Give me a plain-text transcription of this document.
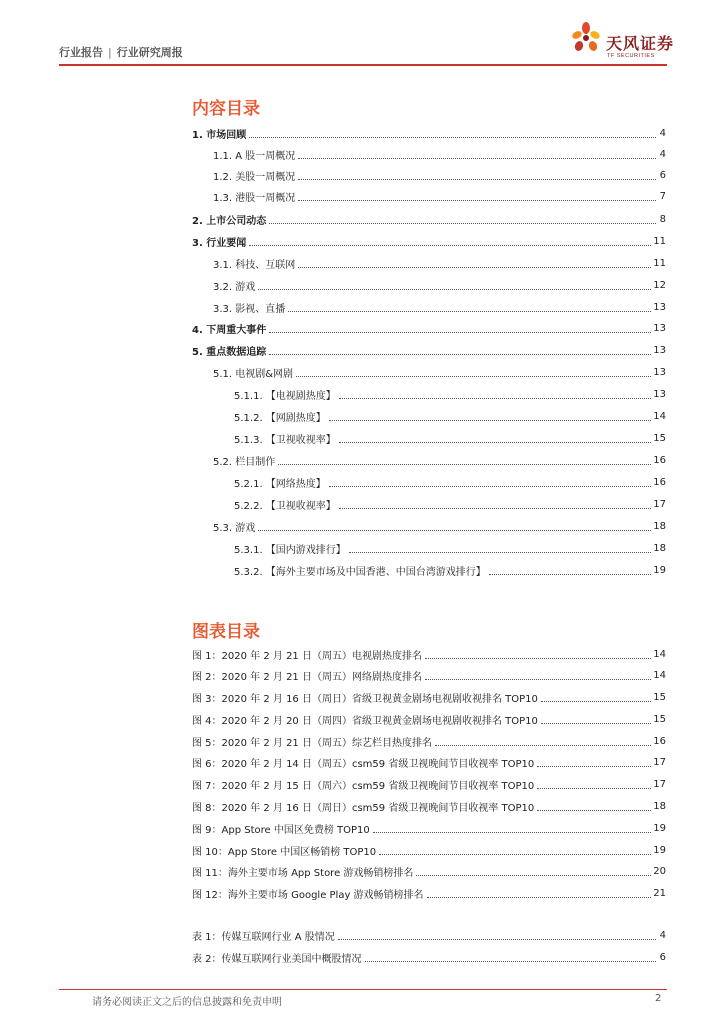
行业报告 | 行业研究周报	天风证券
TF SECURITIES
内容目录
1. 市场回顾	4
1.1. A 股一周概况	4
1.2. 美股一周概况	6
1.3. 港股一周概况	7
2. 上市公司动态	8
3. 行业要闻	11
3.1. 科技、互联网	11
3.2. 游戏	12
3.3. 影视、直播	13
4. 下周重大事件	13
5. 重点数据追踪	13
5.1. 电视剧&网剧	13
5.1.1. 【电视剧热度】	13
5.1.2. 【网剧热度】	14
5.1.3. 【卫视收视率】	15
5.2. 栏目制作	16
5.2.1. 【网络热度】	16
5.2.2. 【卫视收视率】	17
5.3. 游戏	18
5.3.1. 【国内游戏排行】	18
5.3.2. 【海外主要市场及中国香港、中国台湾游戏排行】	19
图表目录
图 1：2020 年 2 月 21 日（周五）电视剧热度排名	14
图 2：2020 年 2 月 21 日（周五）网络剧热度排名	14
图 3：2020 年 2 月 16 日（周日）省级卫视黄金剧场电视剧收视排名 TOP10	15
图 4：2020 年 2 月 20 日（周四）省级卫视黄金剧场电视剧收视排名 TOP10	15
图 5：2020 年 2 月 21 日（周五）综艺栏目热度排名	16
图 6：2020 年 2 月 14 日（周五）csm59 省级卫视晚间节目收视率 TOP10	17
图 7：2020 年 2 月 15 日（周六）csm59 省级卫视晚间节目收视率 TOP10	17
图 8：2020 年 2 月 16 日（周日）csm59 省级卫视晚间节目收视率 TOP10	18
图 9：App Store 中国区免费榜 TOP10	19
图 10：App Store 中国区畅销榜 TOP10	19
图 11：海外主要市场 App Store 游戏畅销榜排名	20
图 12：海外主要市场 Google Play 游戏畅销榜排名	21
表 1：传媒互联网行业 A 股情况	4
表 2：传媒互联网行业美国中概股情况	6
请务必阅读正文之后的信息披露和免责申明	2
